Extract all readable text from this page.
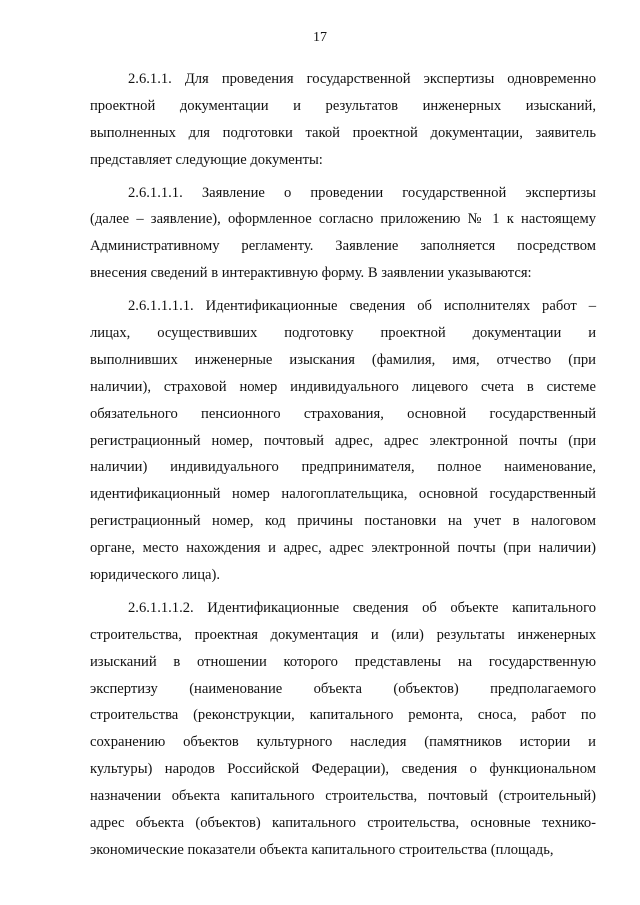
17

2.6.1.1. Для проведения государственной экспертизы одновременно
проектной документации и результатов инженерных изысканий,
выполненных для подготовки такой проектной документации, заявитель
представляет следующие документы:

2.6.1.1.1. Заявление о проведении государственной экспертизы
(далее – заявление), оформленное согласно приложению № 1 к настоящему
Административному регламенту. Заявление заполняется посредством
внесения сведений в интерактивную форму. В заявлении указываются:

2.6.1.1.1.1. Идентификационные сведения об исполнителях работ –
лицах, осуществивших подготовку проектной документации и
выполнивших инженерные изыскания (фамилия, имя, отчество (при
наличии), страховой номер индивидуального лицевого счета в системе
обязательного пенсионного страхования, основной государственный
регистрационный номер, почтовый адрес, адрес электронной почты (при
наличии) индивидуального предпринимателя, полное наименование,
идентификационный номер налогоплательщика, основной государственный
регистрационный номер, код причины постановки на учет в налоговом
органе, место нахождения и адрес, адрес электронной почты (при наличии)
юридического лица).

2.6.1.1.1.2. Идентификационные сведения об объекте капитального
строительства, проектная документация и (или) результаты инженерных
изысканий в отношении которого представлены на государственную
экспертизу (наименование объекта (объектов) предполагаемого
строительства (реконструкции, капитального ремонта, сноса, работ по
сохранению объектов культурного наследия (памятников истории и
культуры) народов Российской Федерации), сведения о функциональном
назначении объекта капитального строительства, почтовый (строительный)
адрес объекта (объектов) капитального строительства, основные технико-
экономические показатели объекта капитального строительства (площадь,
